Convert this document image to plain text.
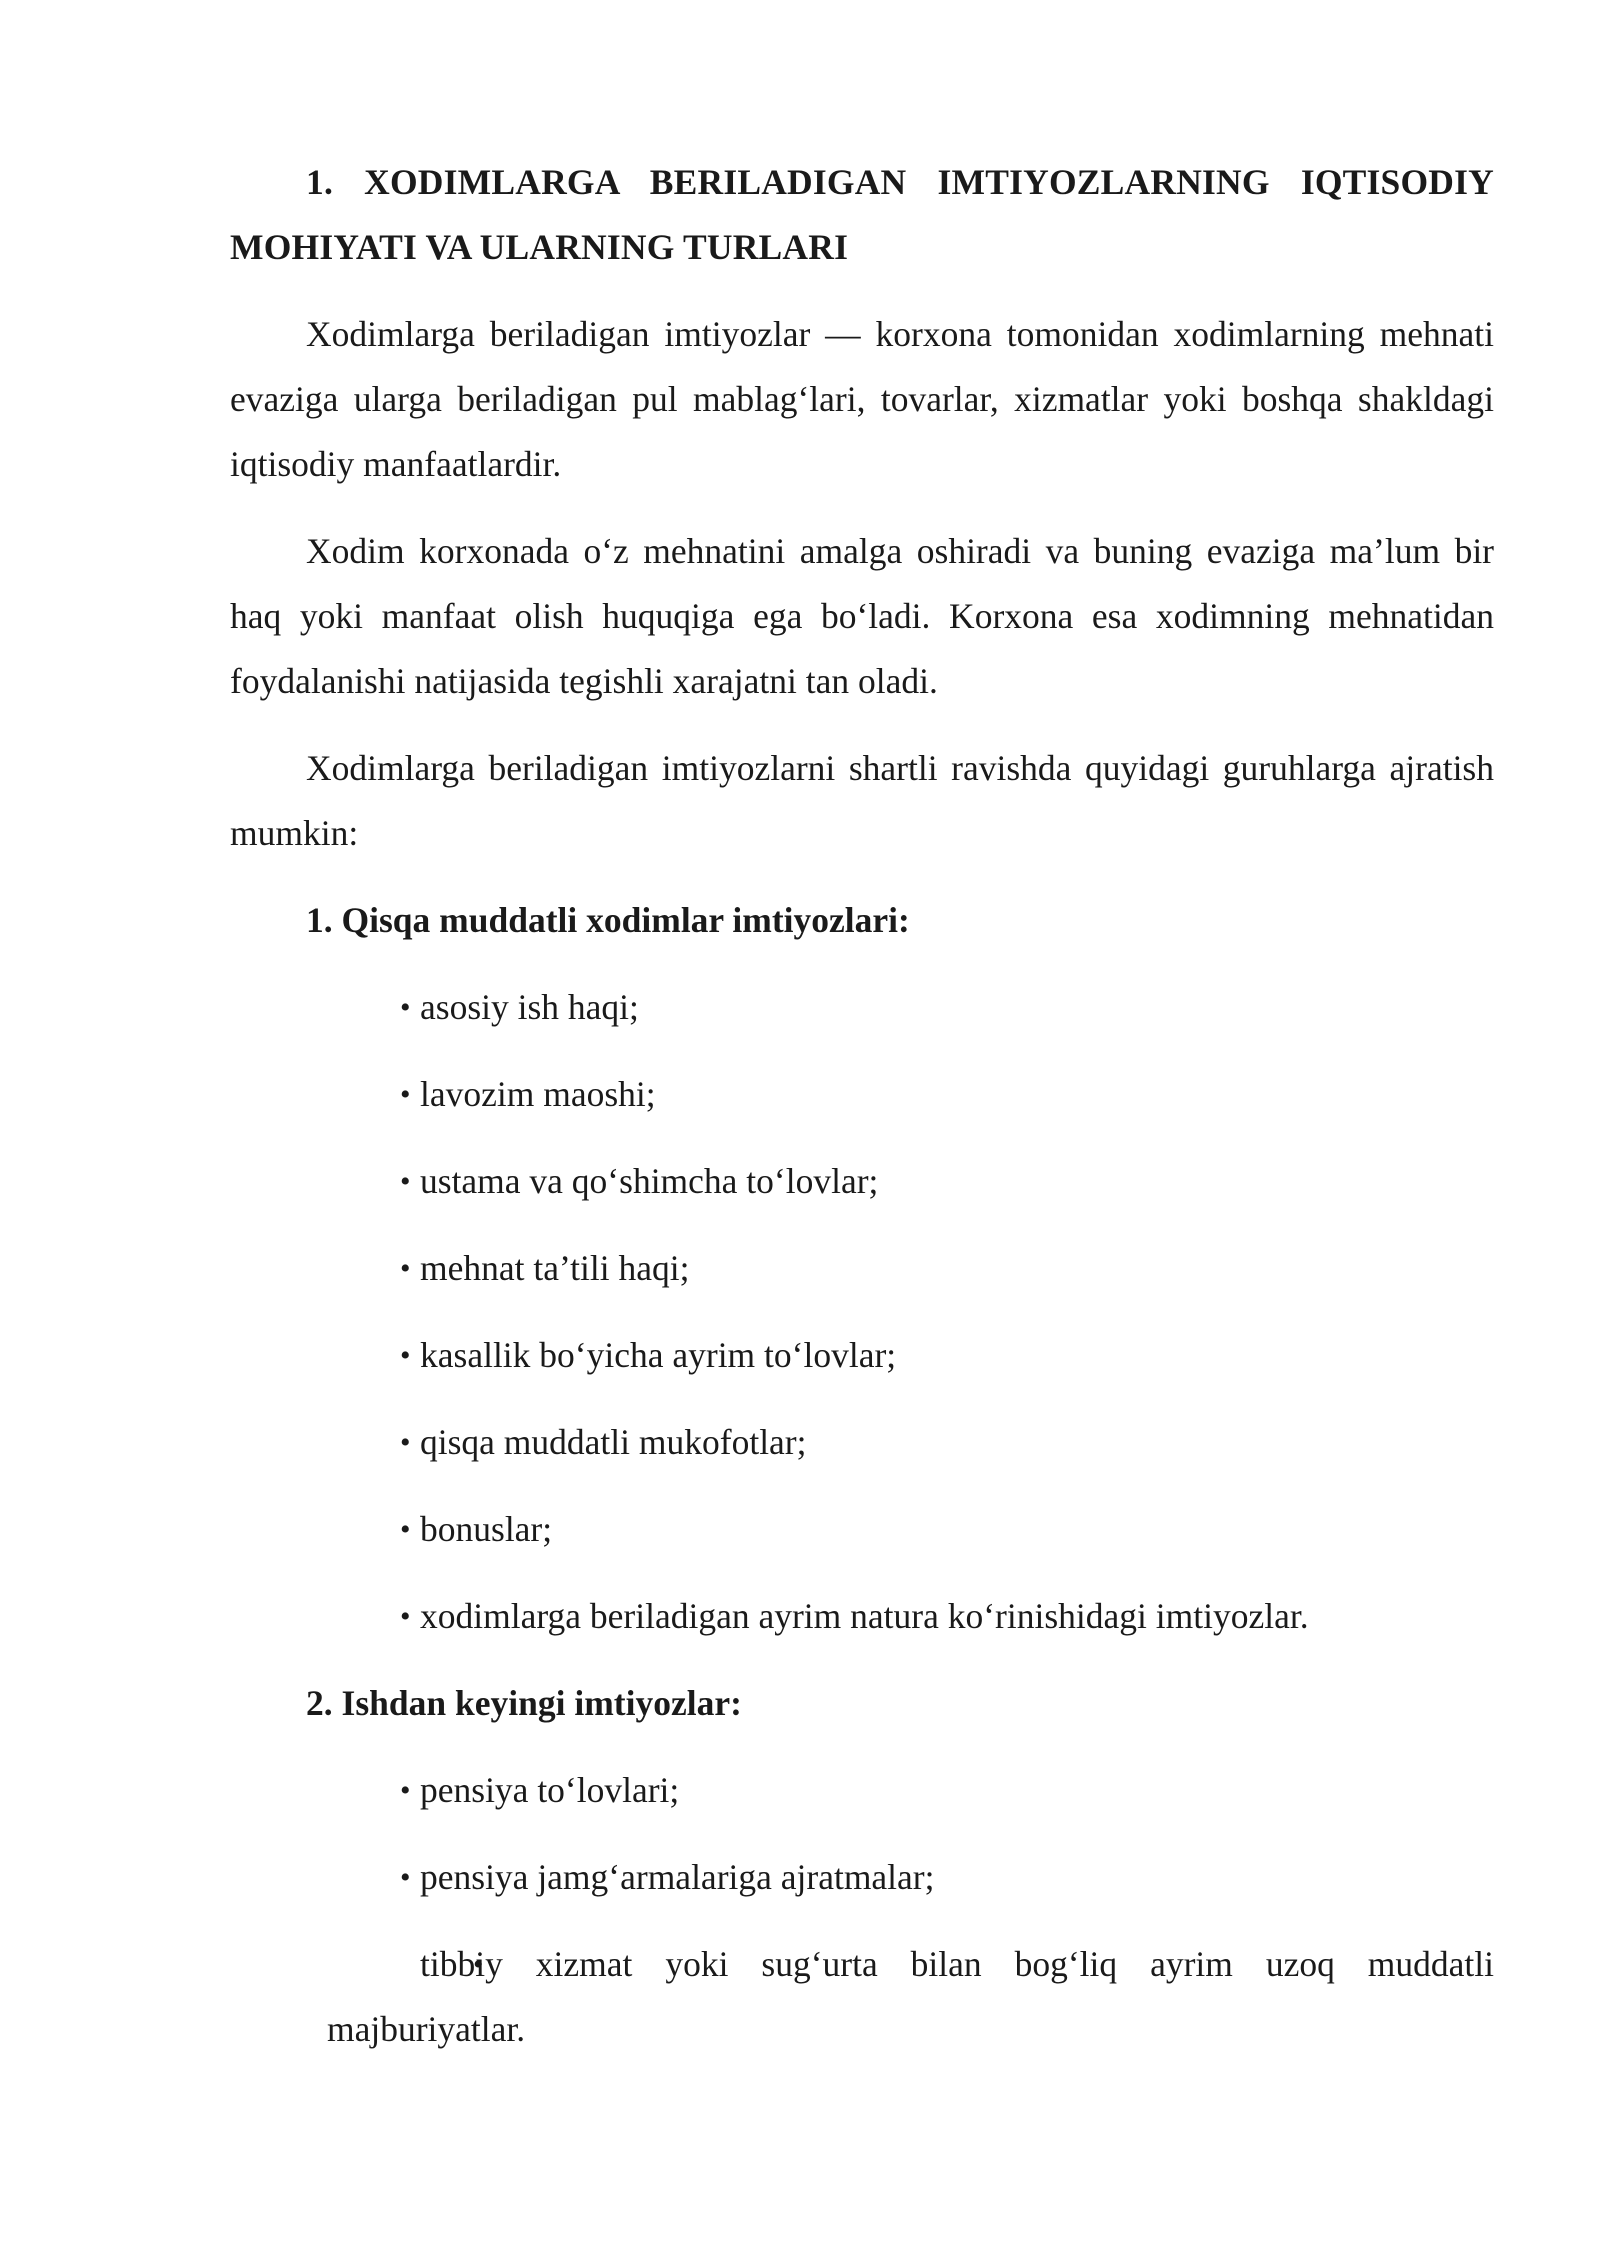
1. XODIMLARGA BERILADIGAN IMTIYOZLARNING IQTISODIY MOHIYATI VA ULARNING TURLARI

Xodimlarga beriladigan imtiyozlar — korxona tomonidan xodimlarning mehnati evaziga ularga beriladigan pul mablag‘lari, tovarlar, xizmatlar yoki boshqa shakldagi iqtisodiy manfaatlardir.

Xodim korxonada o‘z mehnatini amalga oshiradi va buning evaziga ma’lum bir haq yoki manfaat olish huquqiga ega bo‘ladi. Korxona esa xodimning mehnatidan foydalanishi natijasida tegishli xarajatni tan oladi.

Xodimlarga beriladigan imtiyozlarni shartli ravishda quyidagi guruhlarga ajratish mumkin:

1. Qisqa muddatli xodimlar imtiyozlari:

• asosiy ish haqi;
• lavozim maoshi;
• ustama va qo‘shimcha to‘lovlar;
• mehnat ta’tili haqi;
• kasallik bo‘yicha ayrim to‘lovlar;
• qisqa muddatli mukofotlar;
• bonuslar;
• xodimlarga beriladigan ayrim natura ko‘rinishidagi imtiyozlar.

2. Ishdan keyingi imtiyozlar:

• pensiya to‘lovlari;
• pensiya jamg‘armalariga ajratmalar;
• tibbiy xizmat yoki sug‘urta bilan bog‘liq ayrim uzoq muddatli majburiyatlar.
